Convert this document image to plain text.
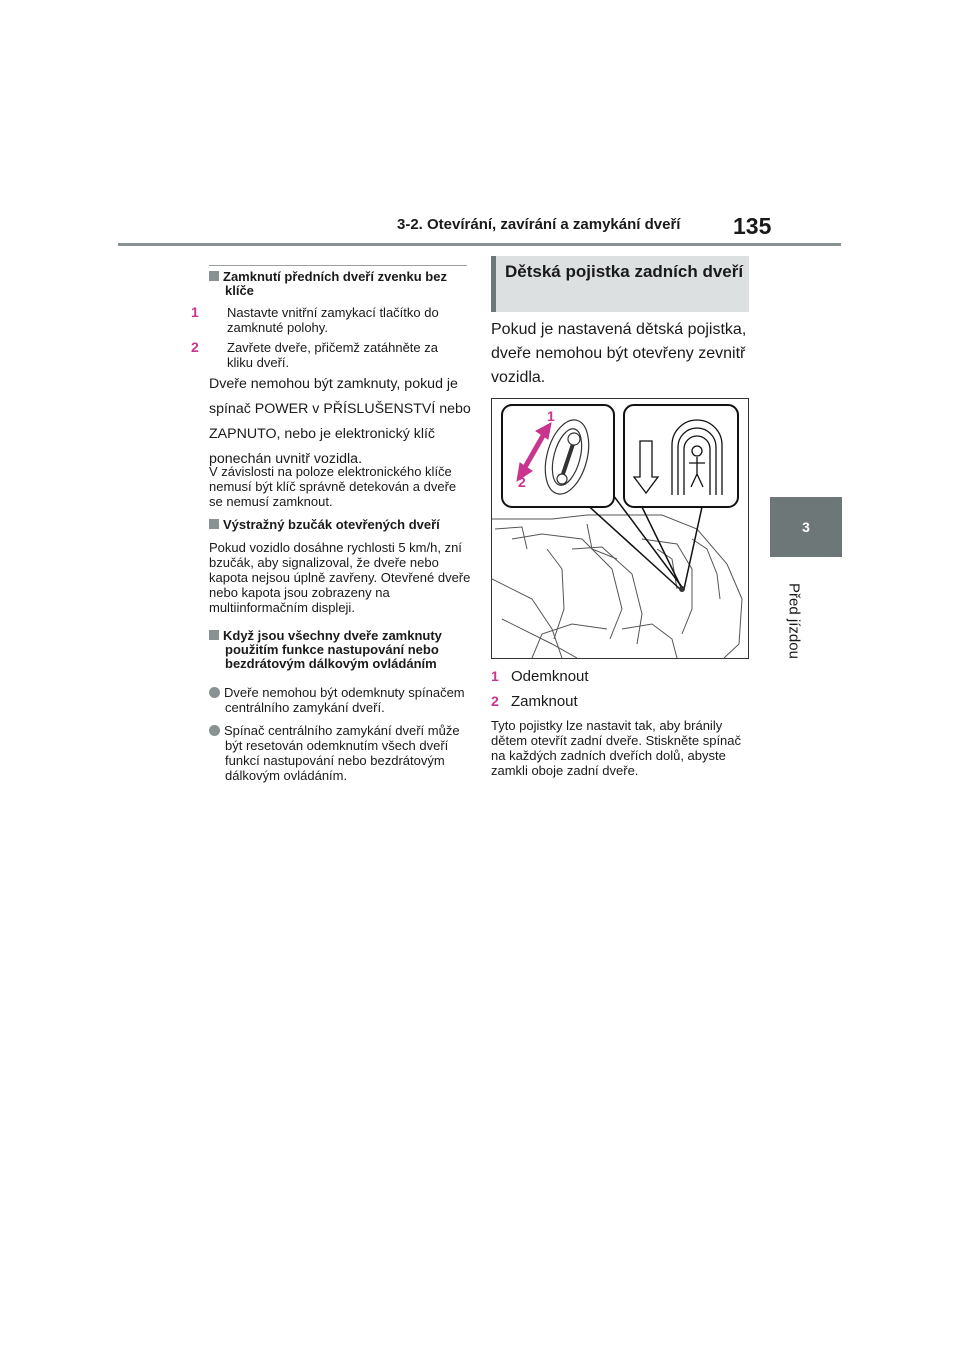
3-2. Otevírání, zavírání a zamykání dveří 135
3
Před jízdou
Zamknutí předních dveří zvenku bez klíče
1 Nastavte vnitřní zamykací tlačítko do zamknuté polohy.
2 Zavřete dveře, přičemž zatáhněte za kliku dveří.
Dveře nemohou být zamknuty, pokud je spínač POWER v PŘÍSLUŠENSTVÍ nebo ZAPNUTO, nebo je elektronický klíč ponechán uvnitř vozidla.
V závislosti na poloze elektronického klíče nemusí být klíč správně detekován a dveře se nemusí zamknout.
Výstražný bzučák otevřených dveří
Pokud vozidlo dosáhne rychlosti 5 km/h, zní bzučák, aby signalizoval, že dveře nebo kapota nejsou úplně zavřeny. Otevřené dveře nebo kapota jsou zobrazeny na multiinformačním displeji.
Když jsou všechny dveře zamknuty použitím funkce nastupování nebo bezdrátovým dálkovým ovládáním
Dveře nemohou být odemknuty spínačem centrálního zamykání dveří.
Spínač centrálního zamykání dveří může být resetován odemknutím všech dveří funkcí nastupování nebo bezdrátovým dálkovým ovládáním.
Dětská pojistka zadních dveří
Pokud je nastavená dětská pojistka, dveře nemohou být otevřeny zevnitř vozidla.
1
2
1 Odemknout
2 Zamknout
Tyto pojistky lze nastavit tak, aby bránily dětem otevřít zadní dveře. Stiskněte spínač na každých zadních dveřích dolů, abyste zamkli oboje zadní dveře.
